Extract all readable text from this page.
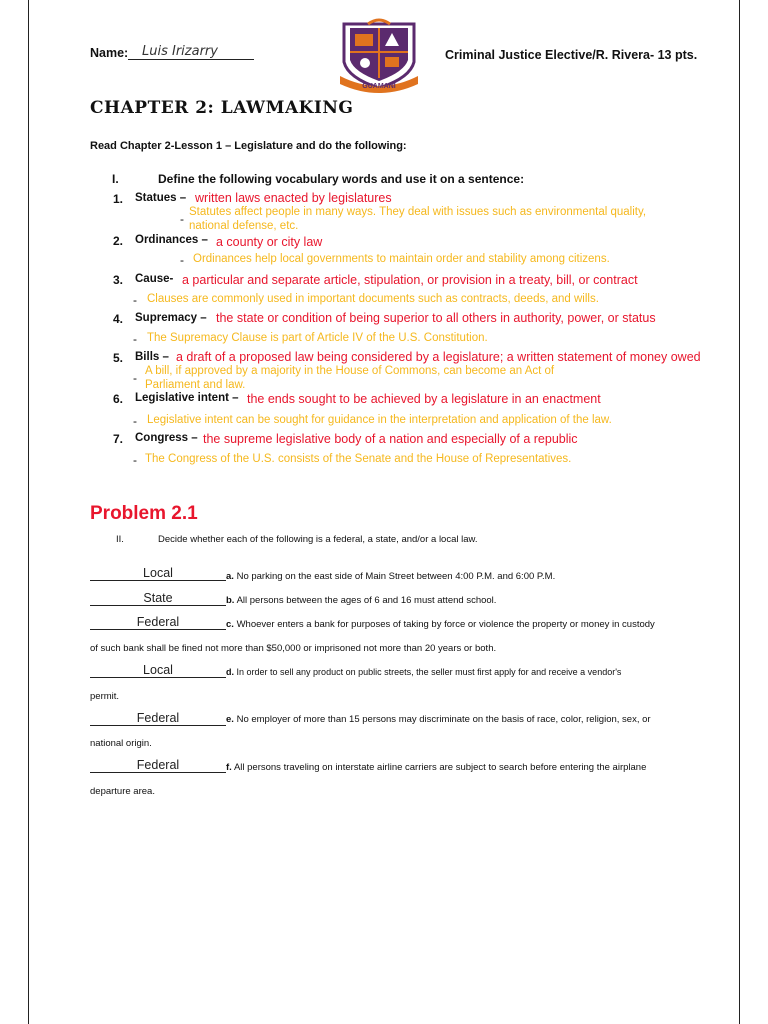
Name:	Luis Irizarry	Criminal Justice Elective/R. Rivera- 13 pts.
GUAMANI
CHAPTER 2: LAWMAKING
Read Chapter 2-Lesson 1 – Legislature and do the following:
I.	Define the following vocabulary words and use it on a sentence:
1. Statues – written laws enacted by legislatures
- Statutes affect people in many ways. They deal with issues such as environmental quality,
national defense, etc.
2. Ordinances – a county or city law
- Ordinances help local governments to maintain order and stability among citizens.
3. Cause- a particular and separate article, stipulation, or provision in a treaty, bill, or contract
- Clauses are commonly used in important documents such as contracts, deeds, and wills.
4. Supremacy – the state or condition of being superior to all others in authority, power, or status
- The Supremacy Clause is part of Article IV of the U.S. Constitution.
5. Bills – a draft of a proposed law being considered by a legislature; a written statement of money owed
- A bill, if approved by a majority in the House of Commons, can become an Act of
Parliament and law.
6. Legislative intent – the ends sought to be achieved by a legislature in an enactment
- Legislative intent can be sought for guidance in the interpretation and application of the law.
7. Congress – the supreme legislative body of a nation and especially of a republic
- The Congress of the U.S. consists of the Senate and the House of Representatives.
Problem 2.1
II.	Decide whether each of the following is a federal, a state, and/or a local law.
Local	a. No parking on the east side of Main Street between 4:00 P.M. and 6:00 P.M.
State	b. All persons between the ages of 6 and 16 must attend school.
Federal	c. Whoever enters a bank for purposes of taking by force or violence the property or money in custody
of such bank shall be fined not more than $50,000 or imprisoned not more than 20 years or both.
Local	d. In order to sell any product on public streets, the seller must first apply for and receive a vendor's
permit.
Federal	e. No employer of more than 15 persons may discriminate on the basis of race, color, religion, sex, or
national origin.
Federal	f. All persons traveling on interstate airline carriers are subject to search before entering the airplane
departure area.
